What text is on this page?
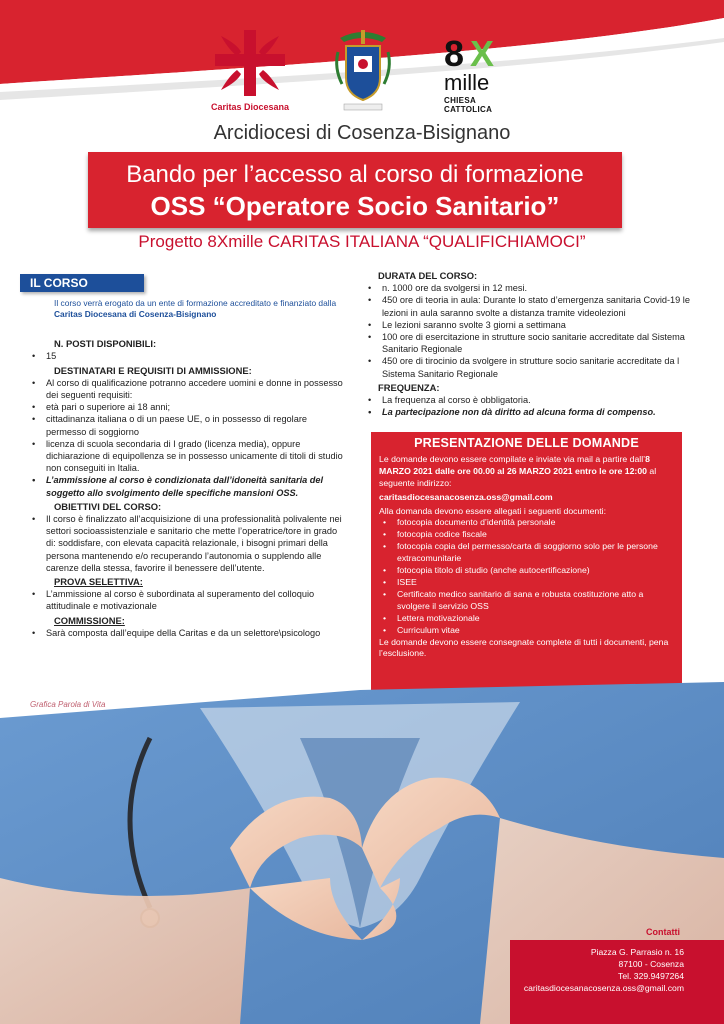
Caritas Diocesana
8 X
mille
CHIESA CATTOLICA
Arcidiocesi di Cosenza-Bisignano
Bando per l’accesso al corso di formazione
OSS “Operatore Socio Sanitario”
Progetto 8Xmille CARITAS ITALIANA “QUALIFICHIAMOCI”
IL CORSO
Il corso verrà erogato da un ente di formazione accreditato e finanziato dalla Caritas Diocesana di Cosenza-Bisignano
N. POSTI DISPONIBILI:
• 15
DESTINATARI E REQUISITI DI AMMISSIONE:
• Al corso di qualificazione potranno accedere uomini e donne in possesso dei seguenti requisiti:
• età pari o superiore ai 18 anni;
• cittadinanza italiana o di un paese UE, o in possesso di regolare permesso di soggiorno
• licenza di scuola secondaria di I grado (licenza media), oppure dichiarazione di equipollenza se in possesso unicamente di titoli di studio non conseguiti in Italia.
• L’ammissione al corso è condizionata dall’idoneità sanitaria del soggetto allo svolgimento delle specifiche mansioni OSS.
OBIETTIVI DEL CORSO:
• Il corso è finalizzato all’acquisizione di una professionalità polivalente nei settori socioassistenziale e sanitario che mette l’operatrice/tore in grado di: soddisfare, con elevata capacità relazionale, i bisogni primari della persona mantenendo e/o recuperando l’autonomia o supplendo alle carenze della stessa, favorire il benessere dell’utente.
PROVA SELETTIVA:
• L’ammissione al corso è subordinata al superamento del colloquio attitudinale e motivazionale
COMMISSIONE:
• Sarà composta dall’equipe della Caritas e da un selettore\psicologo
DURATA DEL CORSO:
• n. 1000 ore da svolgersi in 12 mesi.
• 450 ore di teoria in aula: Durante lo stato d’emergenza sanitaria Covid-19 le lezioni in aula saranno svolte a distanza tramite videolezioni
• Le lezioni saranno svolte 3 giorni a settimana
• 100 ore di esercitazione in strutture socio sanitarie accreditate dal Sistema Sanitario Regionale
• 450 ore di tirocinio da svolgere in strutture socio sanitarie accreditate da l Sistema Sanitario Regionale
FREQUENZA:
• La frequenza al corso è obbligatoria.
• La partecipazione non dà diritto ad alcuna forma di compenso.
PRESENTAZIONE DELLE DOMANDE
Le domande devono essere compilate e inviate via mail a partire dall’8 MARZO 2021 dalle ore 00.00 al 26 MARZO 2021 entro le ore 12:00 al seguente indirizzo:
caritasdiocesanacosenza.oss@gmail.com
Alla domanda devono essere allegati i seguenti documenti:
• fotocopia documento d’identità personale
• fotocopia codice fiscale
• fotocopia copia del permesso/carta di soggiorno solo per le persone extracomunitarie
• fotocopia titolo di studio (anche autocertificazione)
• ISEE
• Certificato medico sanitario di sana e robusta costituzione atto a svolgere il servizio OSS
• Lettera motivazionale
• Curriculum vitae
Le domande devono essere consegnate complete di tutti i documenti, pena l’esclusione.
Grafica Parola di Vita
Contatti
Piazza G. Parrasio n. 16
87100 - Cosenza
Tel. 329.9497264
caritasdiocesanacosenza.oss@gmail.com
